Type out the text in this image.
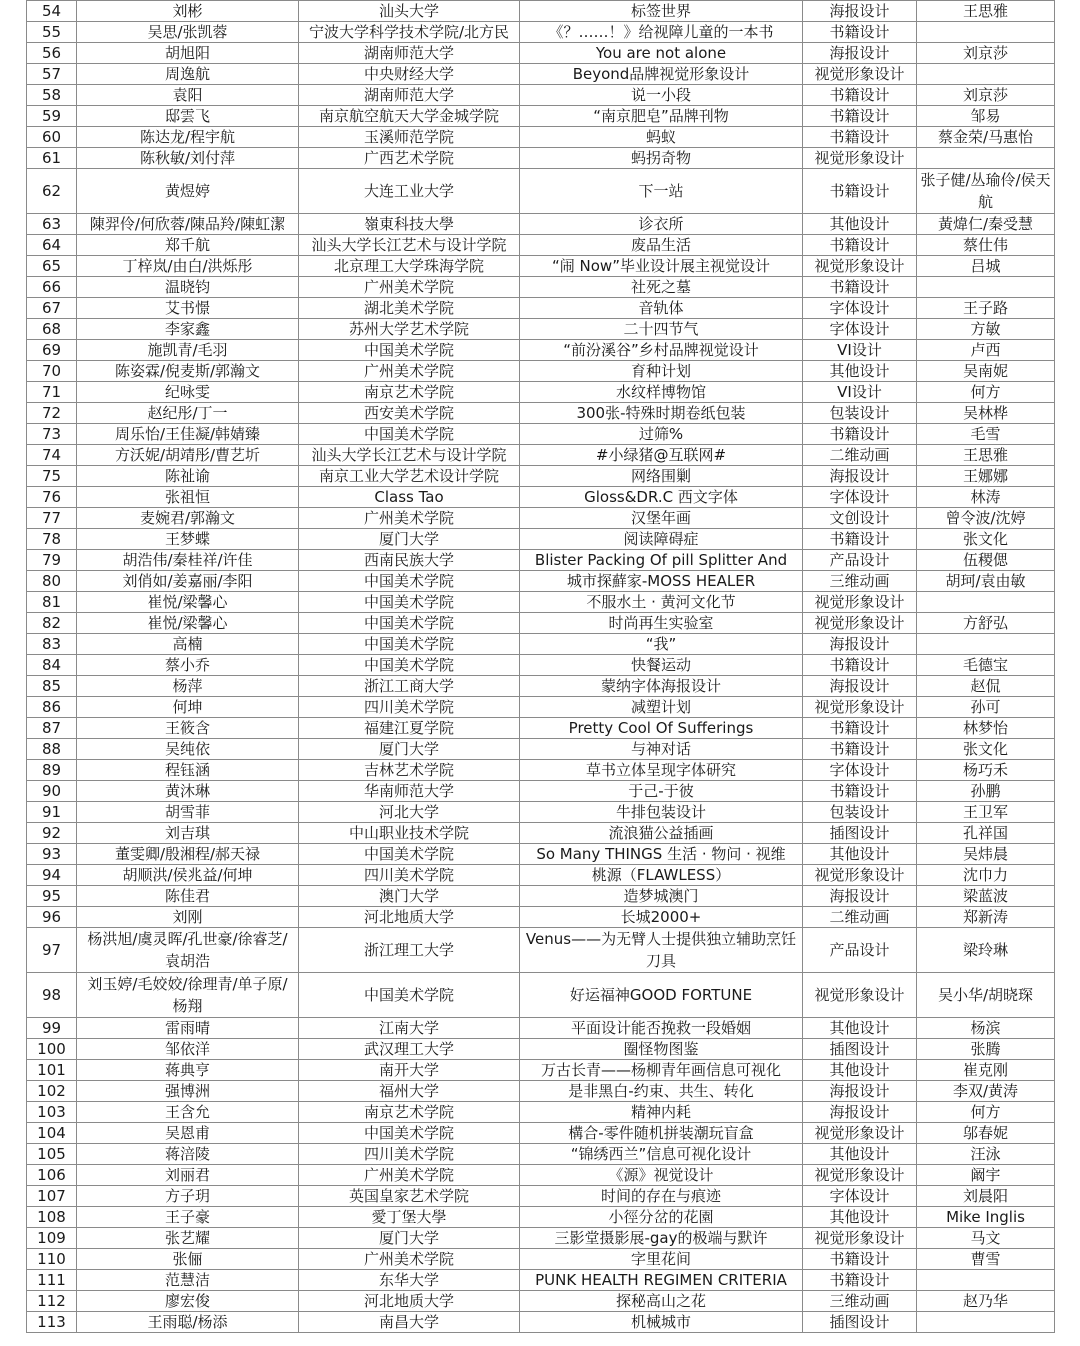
54	刘彬	汕头大学	标签世界	海报设计	王思雅
55	吴思/张凯蓉	宁波大学科学技术学院/北方民	《？……！》给视障儿童的一本书	书籍设计	
56	胡旭阳	湖南师范大学	You are not alone	海报设计	刘京莎
57	周逸航	中央财经大学	Beyond品牌视觉形象设计	视觉形象设计	
58	袁阳	湖南师范大学	说一小段	书籍设计	刘京莎
59	邸雲飞	南京航空航天大学金城学院	“南京肥皂”品牌刊物	书籍设计	邹易
60	陈达龙/程宇航	玉溪师范学院	蚂蚁	书籍设计	蔡金荣/马惠怡
61	陈秋敏/刘付萍	广西艺术学院	蚂拐奇物	视觉形象设计	
62	黄煜婷	大连工业大学	下一站	书籍设计	张子健/丛瑜伶/侯天航
63	陳羿伶/何欣蓉/陳品羚/陳虹潔	嶺東科技大學	诊衣所	其他设计	黃煒仁/秦受慧
64	郑千航	汕头大学长江艺术与设计学院	废品生活	书籍设计	蔡仕伟
65	丁梓岚/由白/洪烁彤	北京理工大学珠海学院	“闹 Now”毕业设计展主视觉设计	视觉形象设计	吕城
66	温晓钧	广州美术学院	社死之墓	书籍设计	
67	艾书憬	湖北美术学院	音轨体	字体设计	王子路
68	李家鑫	苏州大学艺术学院	二十四节气	字体设计	方敏
69	施凯青/毛羽	中国美术学院	“前汾溪谷”乡村品牌视觉设计	VI设计	卢西
70	陈姿霖/倪麦斯/郭瀚文	广州美术学院	育种计划	其他设计	吴南妮
71	纪咏雯	南京艺术学院	水纹样博物馆	VI设计	何方
72	赵纪彤/丁一	西安美术学院	300张-特殊时期卷纸包装	包装设计	吴林桦
73	周乐怡/王佳凝/韩婧臻	中国美术学院	过筛%	书籍设计	毛雪
74	方沃妮/胡靖彤/曹艺圻	汕头大学长江艺术与设计学院	#小绿猪@互联网#	二维动画	王思雅
75	陈祉谕	南京工业大学艺术设计学院	网络围剿	海报设计	王娜娜
76	张祖恒	Class Tao	Gloss&DR.C 西文字体	字体设计	林涛
77	麦婉君/郭瀚文	广州美术学院	汉堡年画	文创设计	曾令波/沈婷
78	王梦蝶	厦门大学	阅读障碍症	书籍设计	张文化
79	胡浩伟/秦桂祥/许佳	西南民族大学	Blister Packing Of pill Splitter And	产品设计	伍稷偲
80	刘俏如/姜嘉丽/李阳	中国美术学院	城市探蘚家-MOSS HEALER	三维动画	胡珂/袁由敏
81	崔悦/梁馨心	中国美术学院	不服水土 · 黄河文化节	视觉形象设计	
82	崔悦/梁馨心	中国美术学院	时尚再生实验室	视觉形象设计	方舒弘
83	高楠	中国美术学院	“我”	海报设计	
84	蔡小乔	中国美术学院	快餐运动	书籍设计	毛德宝
85	杨萍	浙江工商大学	蒙纳字体海报设计	海报设计	赵侃
86	何坤	四川美术学院	减塑计划	视觉形象设计	孙可
87	王筱含	福建江夏学院	Pretty Cool Of Sufferings	书籍设计	林梦怡
88	吴纯依	厦门大学	与神对话	书籍设计	张文化
89	程钰涵	吉林艺术学院	草书立体呈现字体研究	字体设计	杨巧禾
90	黄沐琳	华南师范大学	于己-于彼	书籍设计	孙鹏
91	胡雪菲	河北大学	牛排包装设计	包装设计	王卫军
92	刘吉琪	中山职业技术学院	流浪猫公益插画	插图设计	孔祥国
93	董雯卿/殷湘程/郝天禄	中国美术学院	So Many THINGS 生活 · 物问 · 视维	其他设计	吴炜晨
94	胡顺洪/侯兆益/何坤	四川美术学院	桃源（FLAWLESS）	视觉形象设计	沈巾力
95	陈佳君	澳门大学	造梦城澳门	海报设计	梁蓝波
96	刘刚	河北地质大学	长城2000+	二维动画	郑新涛
97	杨洪旭/虞灵晖/孔世豪/徐睿芝/袁胡浩	浙江理工大学	Venus——为无臂人士提供独立辅助烹饪刀具	产品设计	梁玲琳
98	刘玉婷/毛姣姣/徐理青/单子原/杨翔	中国美术学院	好运福神GOOD FORTUNE	视觉形象设计	吴小华/胡晓琛
99	雷雨晴	江南大学	平面设计能否挽救一段婚姻	其他设计	杨滨
100	邹依洋	武汉理工大学	圈怪物图鉴	插图设计	张腾
101	蒋典亨	南开大学	万古长青——杨柳青年画信息可视化	其他设计	崔克刚
102	强博洲	福州大学	是非黑白-约束、共生、转化	海报设计	李双/黄涛
103	王含允	南京艺术学院	精神内耗	海报设计	何方
104	吴恩甫	中国美术学院	構合-零件随机拼装潮玩盲盒	视觉形象设计	邬春妮
105	蒋涪陵	四川美术学院	“锦绣西兰”信息可视化设计	其他设计	汪泳
106	刘丽君	广州美术学院	《源》视觉设计	视觉形象设计	阚宇
107	方子玥	英国皇家艺术学院	时间的存在与痕迹	字体设计	刘晨阳
108	王子豪	愛丁堡大學	小徑分岔的花園	其他设计	Mike Inglis
109	张艺耀	厦门大学	三影堂摄影展-gay的极端与默许	视觉形象设计	马文
110	张俪	广州美术学院	字里花间	书籍设计	曹雪
111	范慧洁	东华大学	PUNK HEALTH REGIMEN CRITERIA	书籍设计	
112	廖宏俊	河北地质大学	探秘高山之花	三维动画	赵乃华
113	王雨聪/杨添	南昌大学	机械城市	插图设计	
